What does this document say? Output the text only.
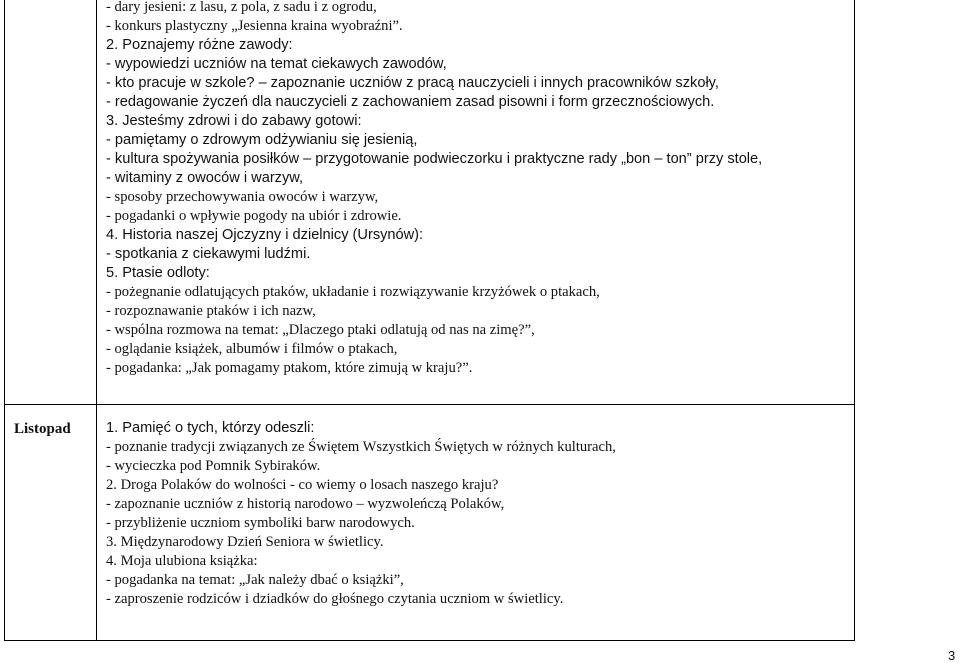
- dary jesieni: z lasu, z pola, z sadu i z ogrodu,
- konkurs plastyczny „Jesienna kraina wyobraźni”.
2. Poznajemy różne zawody:
- wypowiedzi uczniów na temat ciekawych zawodów,
- kto pracuje w szkole? – zapoznanie uczniów z pracą nauczycieli i innych pracowników szkoły,
- redagowanie życzeń dla nauczycieli z zachowaniem zasad pisowni i form grzecznościowych.
3. Jesteśmy zdrowi i do zabawy gotowi:
- pamiętamy o zdrowym odżywianiu się jesienią,
- kultura spożywania posiłków – przygotowanie podwieczorku i praktyczne rady „bon – ton” przy stole,
- witaminy z owoców i warzyw,
- sposoby przechowywania owoców i warzyw,
- pogadanki o wpływie pogody na ubiór i zdrowie.
4. Historia naszej Ojczyzny i dzielnicy (Ursynów):
- spotkania z ciekawymi ludźmi.
5. Ptasie odloty:
- pożegnanie odlatujących ptaków, układanie i rozwiązywanie krzyżówek o ptakach,
- rozpoznawanie ptaków i ich nazw,
- wspólna rozmowa na temat: „Dlaczego ptaki odlatują od nas na zimę?”,
- oglądanie książek, albumów i filmów o ptakach,
- pogadanka: „Jak pomagamy ptakom, które zimują w kraju?”.
Listopad 1. Pamięć o tych, którzy odeszli:
- poznanie tradycji związanych ze Świętem Wszystkich Świętych w różnych kulturach,
- wycieczka pod Pomnik Sybiraków.
2. Droga Polaków do wolności - co wiemy o losach naszego kraju?
- zapoznanie uczniów z historią narodowo – wyzwoleńczą Polaków,
- przybliżenie uczniom symboliki barw narodowych.
3. Międzynarodowy Dzień Seniora w świetlicy.
4. Moja ulubiona książka:
- pogadanka na temat: „Jak należy dbać o książki”,
- zaproszenie rodziców i dziadków do głośnego czytania uczniom w świetlicy.
3
